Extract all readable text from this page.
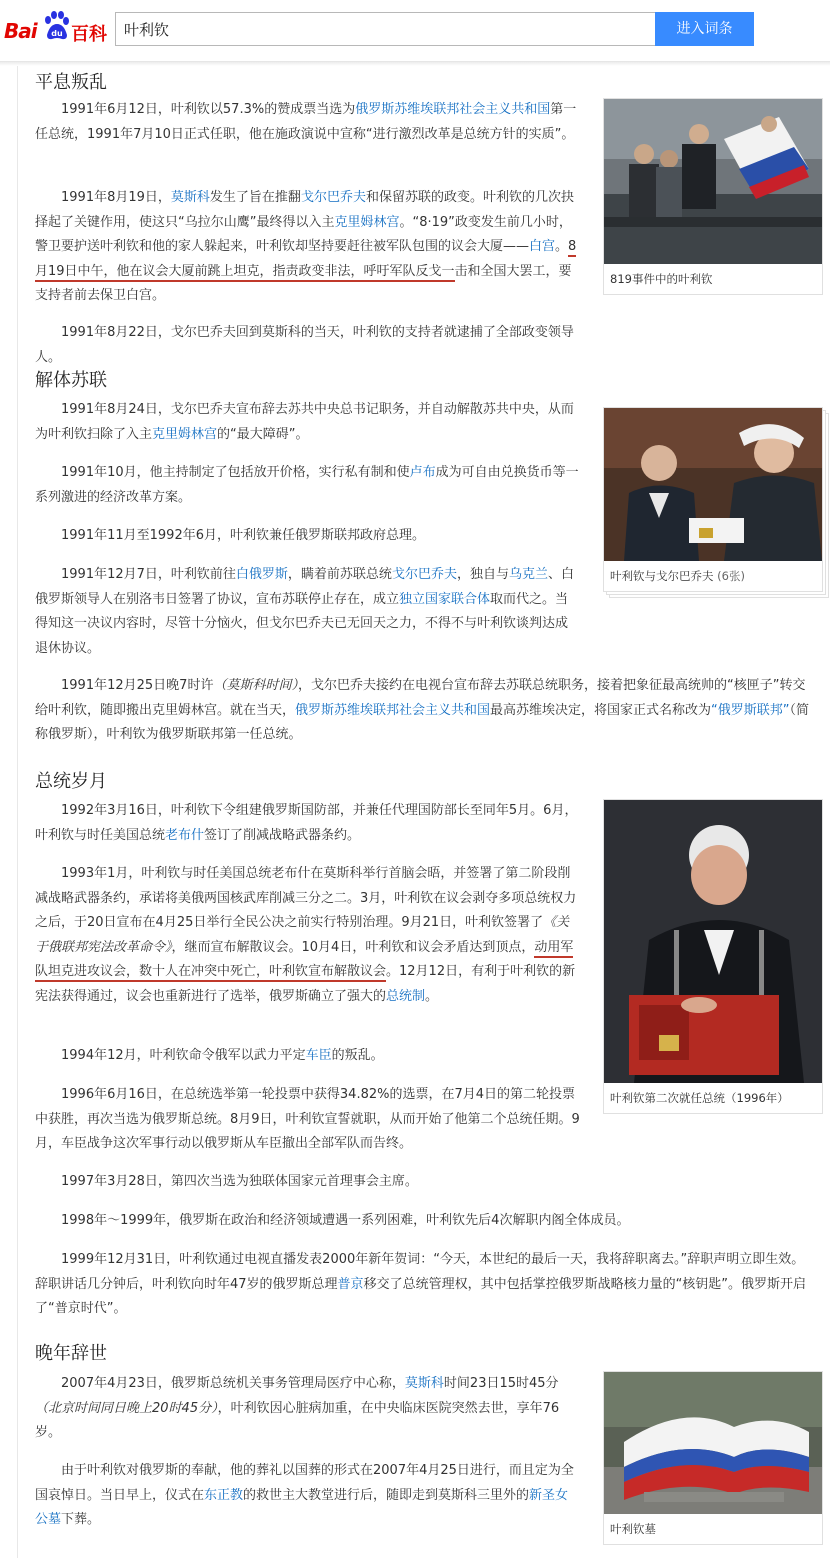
Bai du 百科
叶利钦	进入词条
平息叛乱
1991年6月12日，叶利钦以57.3%的赞成票当选为俄罗斯苏维埃联邦社会主义共和国第一任总统，1991年7月10日正式任职，他在施政演说中宣称“进行激烈改革是总统方针的实质”。
1991年8月19日，莫斯科发生了旨在推翻戈尔巴乔夫和保留苏联的政变。叶利钦的几次抉择起了关键作用，使这只“乌拉尔山鹰”最终得以入主克里姆林宫。“8·19”政变发生前几小时，警卫要护送叶利钦和他的家人躲起来，叶利钦却坚持要赶往被军队包围的议会大厦——白宫。8月19日中午，他在议会大厦前跳上坦克，指责政变非法，呼吁军队反戈一击和全国大罢工，要支持者前去保卫白宫。
1991年8月22日，戈尔巴乔夫回到莫斯科的当天，叶利钦的支持者就逮捕了全部政变领导人。
819事件中的叶利钦
解体苏联
1991年8月24日，戈尔巴乔夫宣布辞去苏共中央总书记职务，并自动解散苏共中央，从而为叶利钦扫除了入主克里姆林宫的“最大障碍”。
1991年10月，他主持制定了包括放开价格，实行私有制和使卢布成为可自由兑换货币等一系列激进的经济改革方案。
1991年11月至1992年6月，叶利钦兼任俄罗斯联邦政府总理。
1991年12月7日，叶利钦前往白俄罗斯，瞒着前苏联总统戈尔巴乔夫，独自与乌克兰、白俄罗斯领导人在别洛韦日签署了协议，宣布苏联停止存在，成立独立国家联合体取而代之。当得知这一决议内容时，尽管十分恼火，但戈尔巴乔夫已无回天之力，不得不与叶利钦谈判达成退休协议。
1991年12月25日晚7时许（莫斯科时间），戈尔巴乔夫接约在电视台宣布辞去苏联总统职务，接着把象征最高统帅的“核匣子”转交给叶利钦，随即搬出克里姆林宫。就在当天，俄罗斯苏维埃联邦社会主义共和国最高苏维埃决定，将国家正式名称改为“俄罗斯联邦”（简称俄罗斯），叶利钦为俄罗斯联邦第一任总统。
叶利钦与戈尔巴乔夫 (6张)
总统岁月
1992年3月16日，叶利钦下令组建俄罗斯国防部，并兼任代理国防部长至同年5月。6月，叶利钦与时任美国总统老布什签订了削减战略武器条约。
1993年1月，叶利钦与时任美国总统老布什在莫斯科举行首脑会晤，并签署了第二阶段削减战略武器条约，承诺将美俄两国核武库削减三分之二。3月，叶利钦在议会剥夺多项总统权力之后，于20日宣布在4月25日举行全民公决之前实行特别治理。9月21日，叶利钦签署了《关于俄联邦宪法改革命令》，继而宣布解散议会。10月4日，叶利钦和议会矛盾达到顶点，动用军队坦克进攻议会，数十人在冲突中死亡，叶利钦宣布解散议会。12月12日，有利于叶利钦的新宪法获得通过，议会也重新进行了选举，俄罗斯确立了强大的总统制。
1994年12月，叶利钦命令俄军以武力平定车臣的叛乱。
1996年6月16日，在总统选举第一轮投票中获得34.82%的选票，在7月4日的第二轮投票中获胜，再次当选为俄罗斯总统。8月9日，叶利钦宣誓就职，从而开始了他第二个总统任期。9月，车臣战争这次军事行动以俄罗斯从车臣撤出全部军队而告终。
1997年3月28日，第四次当选为独联体国家元首理事会主席。
1998年～1999年，俄罗斯在政治和经济领域遭遇一系列困难，叶利钦先后4次解职内阁全体成员。
1999年12月31日，叶利钦通过电视直播发表2000年新年贺词：“今天，本世纪的最后一天，我将辞职离去。”辞职声明立即生效。辞职讲话几分钟后，叶利钦向时年47岁的俄罗斯总理普京移交了总统管理权，其中包括掌控俄罗斯战略核力量的“核钥匙”。俄罗斯开启了“普京时代”。
叶利钦第二次就任总统（1996年）
晚年辞世
2007年4月23日，俄罗斯总统机关事务管理局医疗中心称，莫斯科时间23日15时45分（北京时间同日晚上20时45分），叶利钦因心脏病加重，在中央临床医院突然去世，享年76岁。
由于叶利钦对俄罗斯的奉献，他的葬礼以国葬的形式在2007年4月25日进行，而且定为全国哀悼日。当日早上，仪式在东正教的救世主大教堂进行后，随即走到莫斯科三里外的新圣女公墓下葬。
叶利钦墓
